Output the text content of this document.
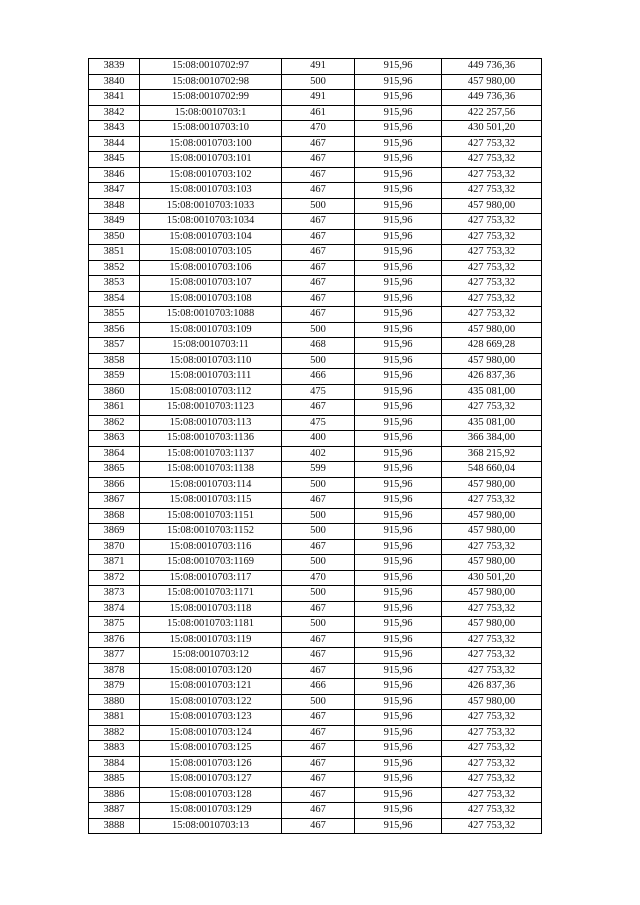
3839	15:08:0010702:97	491	915,96	449 736,36
3840	15:08:0010702:98	500	915,96	457 980,00
3841	15:08:0010702:99	491	915,96	449 736,36
3842	15:08:0010703:1	461	915,96	422 257,56
3843	15:08:0010703:10	470	915,96	430 501,20
3844	15:08:0010703:100	467	915,96	427 753,32
3845	15:08:0010703:101	467	915,96	427 753,32
3846	15:08:0010703:102	467	915,96	427 753,32
3847	15:08:0010703:103	467	915,96	427 753,32
3848	15:08:0010703:1033	500	915,96	457 980,00
3849	15:08:0010703:1034	467	915,96	427 753,32
3850	15:08:0010703:104	467	915,96	427 753,32
3851	15:08:0010703:105	467	915,96	427 753,32
3852	15:08:0010703:106	467	915,96	427 753,32
3853	15:08:0010703:107	467	915,96	427 753,32
3854	15:08:0010703:108	467	915,96	427 753,32
3855	15:08:0010703:1088	467	915,96	427 753,32
3856	15:08:0010703:109	500	915,96	457 980,00
3857	15:08:0010703:11	468	915,96	428 669,28
3858	15:08:0010703:110	500	915,96	457 980,00
3859	15:08:0010703:111	466	915,96	426 837,36
3860	15:08:0010703:112	475	915,96	435 081,00
3861	15:08:0010703:1123	467	915,96	427 753,32
3862	15:08:0010703:113	475	915,96	435 081,00
3863	15:08:0010703:1136	400	915,96	366 384,00
3864	15:08:0010703:1137	402	915,96	368 215,92
3865	15:08:0010703:1138	599	915,96	548 660,04
3866	15:08:0010703:114	500	915,96	457 980,00
3867	15:08:0010703:115	467	915,96	427 753,32
3868	15:08:0010703:1151	500	915,96	457 980,00
3869	15:08:0010703:1152	500	915,96	457 980,00
3870	15:08:0010703:116	467	915,96	427 753,32
3871	15:08:0010703:1169	500	915,96	457 980,00
3872	15:08:0010703:117	470	915,96	430 501,20
3873	15:08:0010703:1171	500	915,96	457 980,00
3874	15:08:0010703:118	467	915,96	427 753,32
3875	15:08:0010703:1181	500	915,96	457 980,00
3876	15:08:0010703:119	467	915,96	427 753,32
3877	15:08:0010703:12	467	915,96	427 753,32
3878	15:08:0010703:120	467	915,96	427 753,32
3879	15:08:0010703:121	466	915,96	426 837,36
3880	15:08:0010703:122	500	915,96	457 980,00
3881	15:08:0010703:123	467	915,96	427 753,32
3882	15:08:0010703:124	467	915,96	427 753,32
3883	15:08:0010703:125	467	915,96	427 753,32
3884	15:08:0010703:126	467	915,96	427 753,32
3885	15:08:0010703:127	467	915,96	427 753,32
3886	15:08:0010703:128	467	915,96	427 753,32
3887	15:08:0010703:129	467	915,96	427 753,32
3888	15:08:0010703:13	467	915,96	427 753,32
